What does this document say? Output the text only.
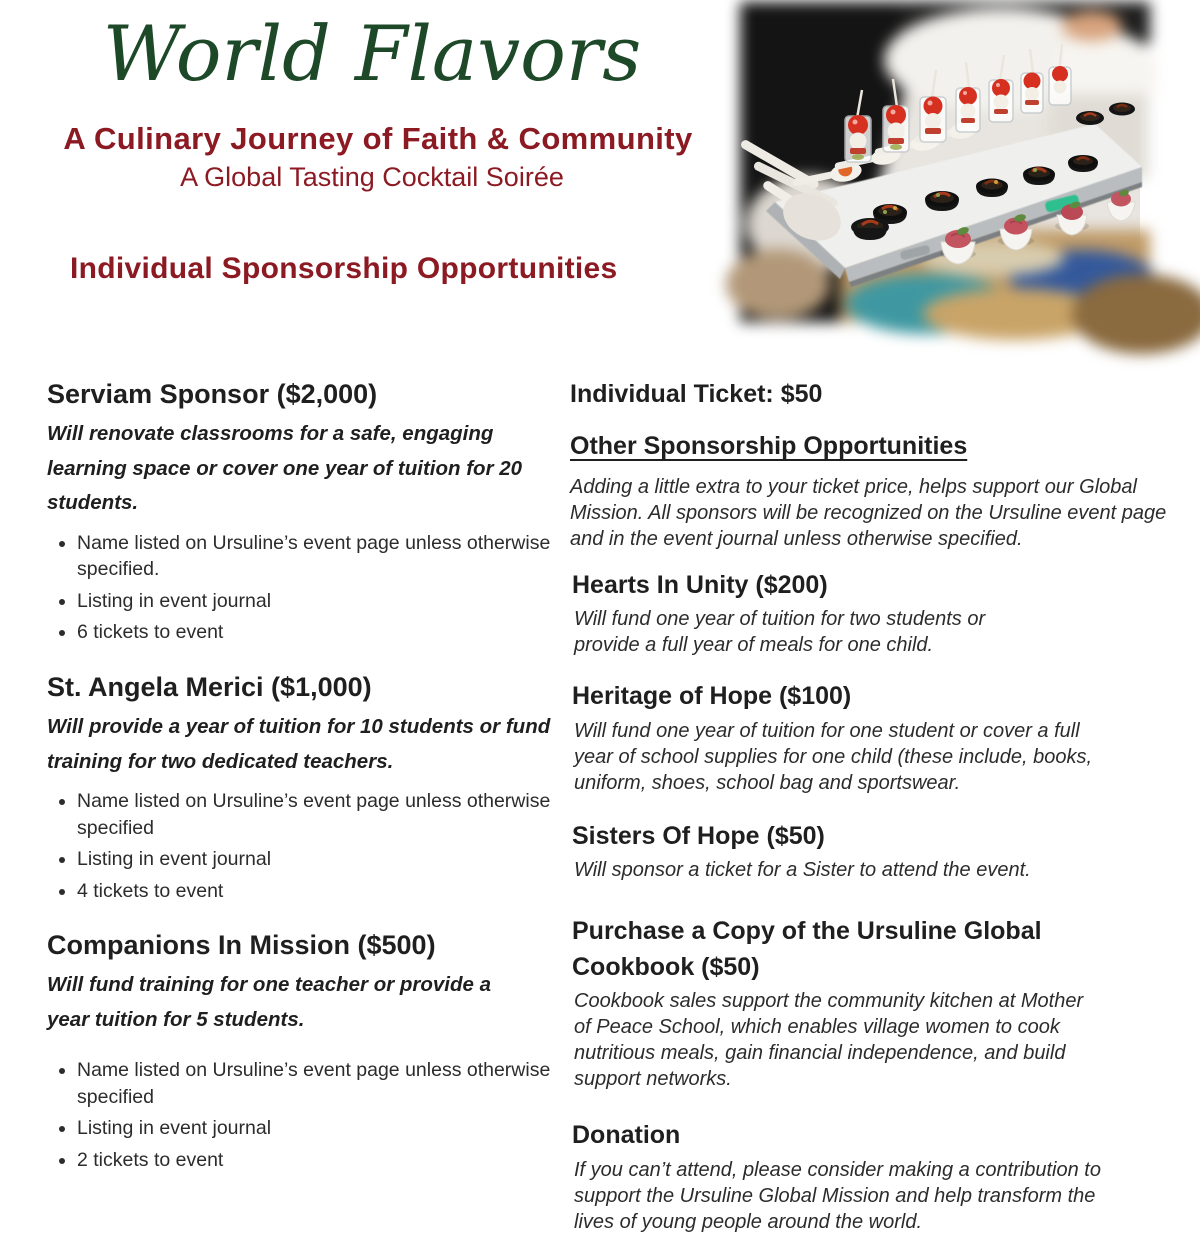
World Flavors
A Culinary Journey of Faith & Community
A Global Tasting Cocktail Soirée
Individual Sponsorship Opportunities
Serviam Sponsor ($2,000)
Will renovate classrooms for a safe, engaging learning space or cover one year of tuition for 20 students.
• Name listed on Ursuline’s event page unless otherwise specified.
• Listing in event journal
• 6 tickets to event
St. Angela Merici ($1,000)
Will provide a year of tuition for 10 students or fund training for two dedicated teachers.
• Name listed on Ursuline’s event page unless otherwise specified
• Listing in event journal
• 4 tickets to event
Companions In Mission ($500)
Will fund training for one teacher or provide a year tuition for 5 students.
• Name listed on Ursuline’s event page unless otherwise specified
• Listing in event journal
• 2 tickets to event
Individual Ticket: $50
Other Sponsorship Opportunities

Adding a little extra to your ticket price, helps support our Global Mission. All sponsors will be recognized on the Ursuline event page and in the event journal unless otherwise specified.

Hearts In Unity ($200)

Will fund one year of tuition for two students or provide a full year of meals for one child.

Heritage of Hope ($100)

Will fund one year of tuition for one student or cover a full year of school supplies for one child (these include, books, uniform, shoes, school bag and sportswear.

Sisters Of Hope ($50)

Will sponsor a ticket for a Sister to attend the event.

Purchase a Copy of the Ursuline Global Cookbook ($50)

Cookbook sales support the community kitchen at Mother of Peace School, which enables village women to cook nutritious meals, gain financial independence, and build support networks.

Donation

If you can’t attend, please consider making a contribution to support the Ursuline Global Mission and help transform the lives of young people around the world.
